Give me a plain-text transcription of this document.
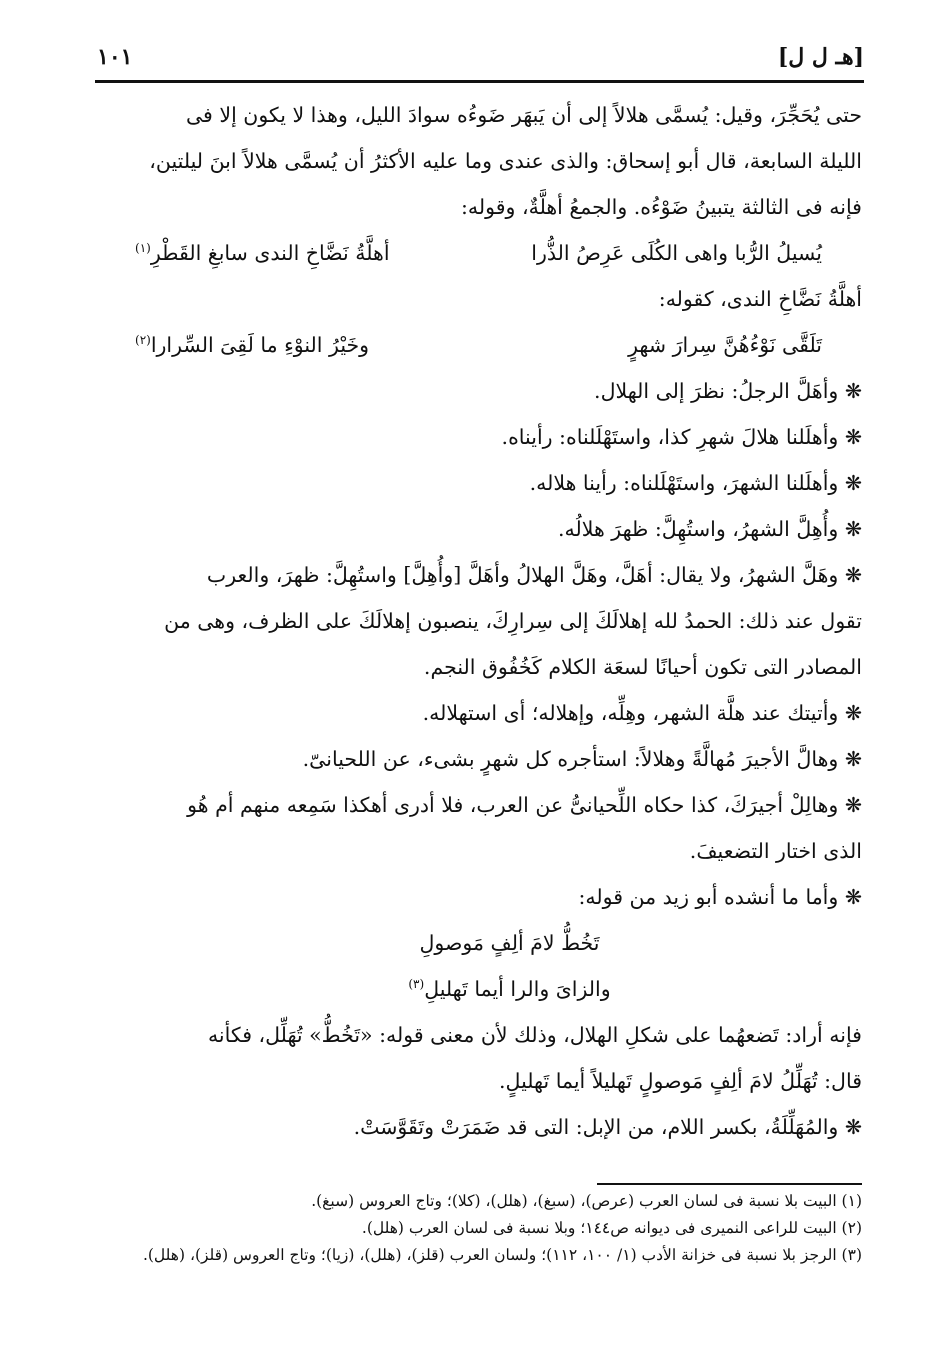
[هـ ل ل]
١٠١

حتى يُحَجِّرَ، وقيل: يُسمَّى هلالاً إلى أن يَبهَر ضَوءُه سوادَ الليل، وهذا لا يكون إلا فى

الليلة السابعة، قال أبو إسحاق: والذى عندى وما عليه الأكثرُ أن يُسمَّى هلالاً ابنَ ليلتين،

فإنه فى الثالثة يتبينُ ضَوْءُه. والجمعُ أهلَّةٌ، وقوله:

يُسيلُ الرُّبا واهى الكُلَى عَرِصُ الذُّرا
أهلَّةُ نَضَّاخِ الندى سابغِ القَطْرِ$^{(١)}$

أهلَّةُ نَضَّاخِ الندى، كقوله:

تَلَقَّى نَوْءُهُنَّ سِرارَ شهرٍ
وخَيْرُ النوْءِ ما لَقِىَ السِّرارا$^{(٢)}$

❋ وأهَلَّ الرجلُ: نظرَ إلى الهلال.

❋ وأهلَلنا هلالَ شهرِ كذا، واستَهْلَلناه: رأيناه.

❋ وأهلَلنا الشهرَ، واستَهْلَلناه: رأينا هلاله.

❋ وأُهِلَّ الشهرُ، واستُهِلَّ: ظهرَ هلالُه.

❋ وهَلَّ الشهرُ، ولا يقال: أهَلَّ، وهَلَّ الهلالُ وأهَلَّ [وأُهِلَّ] واستُهِلَّ: ظهرَ، والعرب

تقول عند ذلك: الحمدُ لله إهلالَكَ إلى سِرارِكَ، ينصبون إهلالَكَ على الظرف، وهى من

المصادر التى تكون أحيانًا لسعَة الكلام كَخُفُوق النجم.

❋ وأتيتك عند هلَّة الشهر، وهِلِّه، وإهلاله؛ أى استهلاله.

❋ وهالَّ الأجيرَ مُهالَّةً وهلالاً: استأجره كل شهرٍ بشىء، عن اللحيانىّ.

❋ وهالِلْ أجيرَكَ، كذا حكاه اللِّحيانىُّ عن العرب، فلا أدرى أهكذا سَمِعه منهم أم هُو

الذى اختار التضعيفَ.

❋ وأما ما أنشده أبو زيد من قوله:

تَخُطُّ لامَ ألِفٍ مَوصولِ

والزاىَ والرا أيما تَهليلِ$^{(٣)}$

فإنه أراد: تَضعهُما على شكلِ الهلال، وذلك لأن معنى قوله: «تَخُطُّ» تُهَلِّل، فكأنه

قال: تُهَلِّلُ لامَ ألِفٍ مَوصولٍ تَهليلاً أيما تَهليلٍ.

❋ والمُهَلِّلَةُ، بكسر اللام، من الإبل: التى قد ضَمَرَتْ وتَقَوَّسَتْ.

(١) البيت بلا نسبة فى لسان العرب (عرص)، (سبغ)، (هلل)، (كلا)؛ وتاج العروس (سبغ).

(٢) البيت للراعى النميرى فى ديوانه ص١٤٤؛ وبلا نسبة فى لسان العرب (هلل).

(٣) الرجز بلا نسبة فى خزانة الأدب (١/ ١٠٠، ١١٢)؛ ولسان العرب (قلز)، (هلل)، (زيا)؛ وتاج العروس (قلز)، (هلل).
